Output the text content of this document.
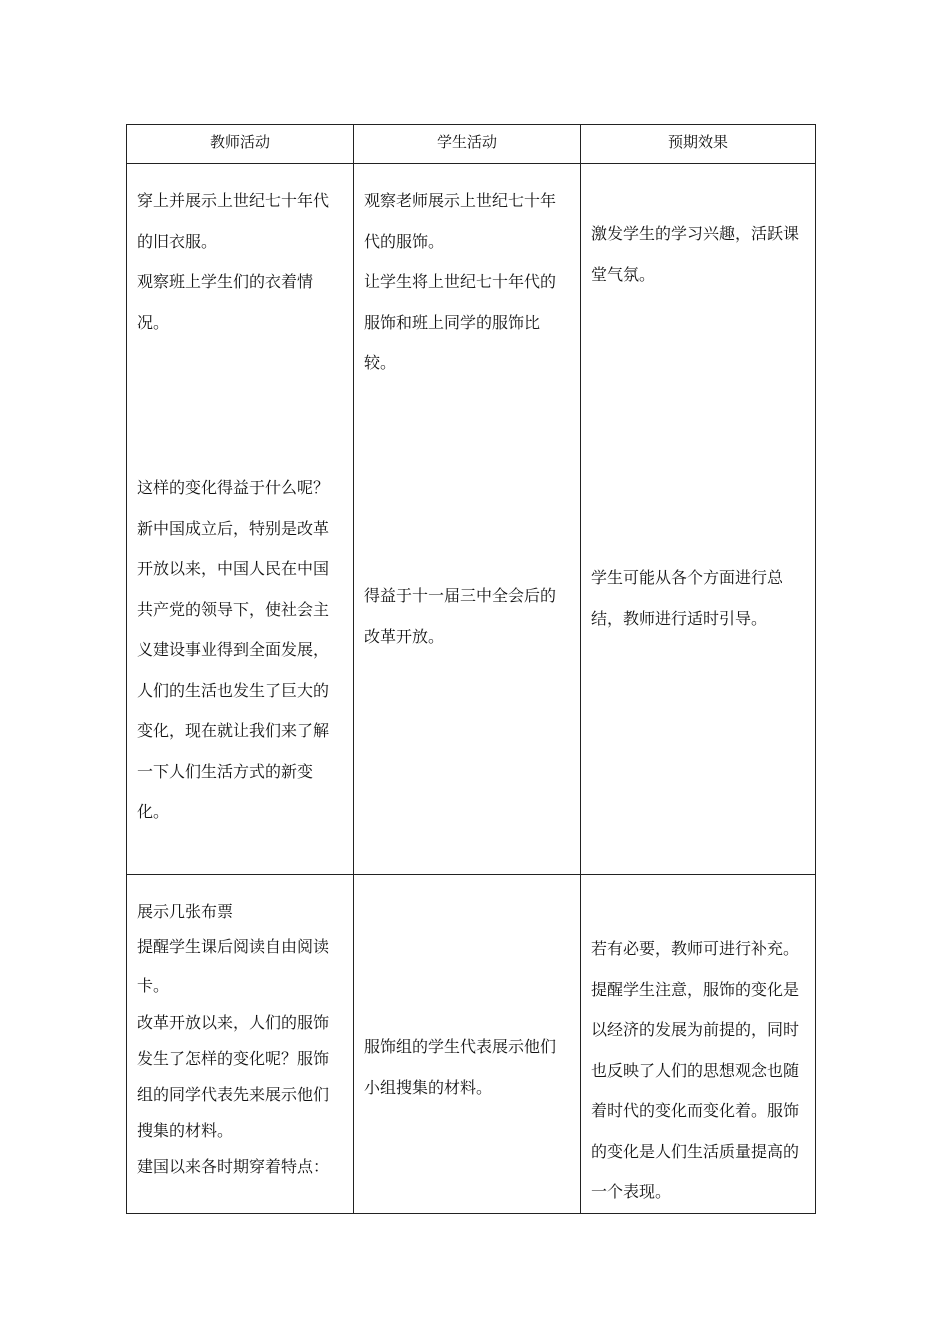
教师活动	学生活动	预期效果

穿上并展示上世纪七十年代
的旧衣服。

观察班上学生们的衣着情
况。

这样的变化得益于什么呢？
新中国成立后，特别是改革
开放以来，中国人民在中国
共产党的领导下，使社会主
义建设事业得到全面发展，
人们的生活也发生了巨大的
变化，现在就让我们来了解
一下人们生活方式的新变
化。

观察老师展示上世纪七十年
代的服饰。

让学生将上世纪七十年代的
服饰和班上同学的服饰比
较。

得益于十一届三中全会后的
改革开放。

激发学生的学习兴趣，活跃课
堂气氛。

学生可能从各个方面进行总
结，教师进行适时引导。

展示几张布票

提醒学生课后阅读自由阅读
卡。

改革开放以来，人们的服饰
发生了怎样的变化呢？服饰
组的同学代表先来展示他们
搜集的材料。

建国以来各时期穿着特点：

服饰组的学生代表展示他们
小组搜集的材料。

若有必要，教师可进行补充。
提醒学生注意，服饰的变化是
以经济的发展为前提的，同时
也反映了人们的思想观念也随
着时代的变化而变化着。服饰
的变化是人们生活质量提高的
一个表现。
